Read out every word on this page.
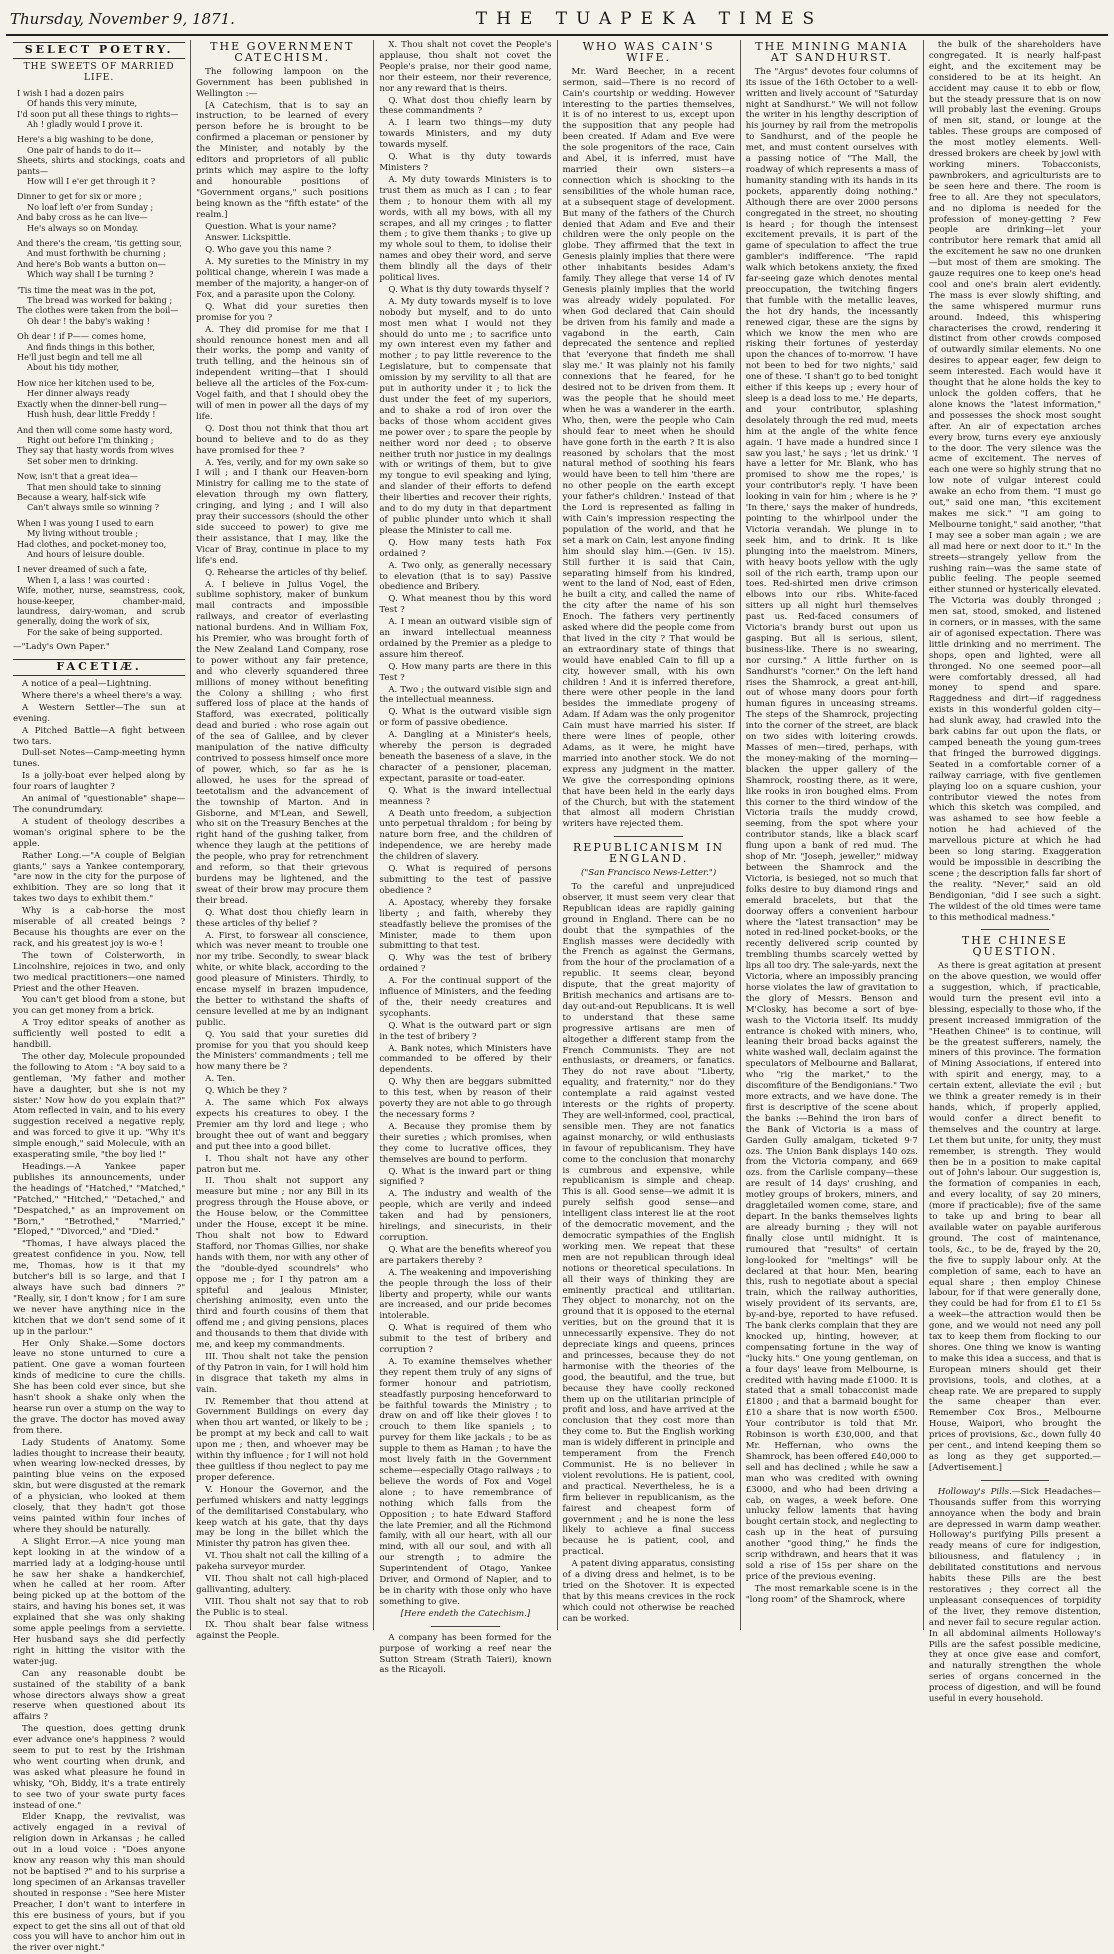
Thursday, November 9, 1871.	THE TUAPEKA TIMES
SELECT POETRY.
THE SWEETS OF MARRIED LIFE.
I wish I had a dozen pairs
Of hands this very minute,
I'd soon put all these things to rights—
Ah ! gladly would I prove it.
Here's a big washing to be done,
One pair of hands to do it—
Sheets, shirts and stockings, coats and pants—
How will I e'er get through it ?
Dinner to get for six or more ;
No loaf left o'er from Sunday ;
And baby cross as he can live—
He's always so on Monday.
And there's the cream, 'tis getting sour,
And must forthwith be churning ;
And here's Bob wants a button on—
Which way shall I be turning ?
'Tis time the meat was in the pot,
The bread was worked for baking ;
The clothes were taken from the boil—
Oh dear ! the baby's waking !
Oh dear ! if P—— comes home,
And finds things in this bother,
He'll just begin and tell me all
About his tidy mother,
How nice her kitchen used to be,
Her dinner always ready
Exactly when the dinner-bell rung—
Hush hush, dear little Freddy !
And then will come some hasty word,
Right out before I'm thinking ;
They say that hasty words from wives
Set sober men to drinking.
Now, isn't that a great idea—
That men should take to sinning
Because a weary, half-sick wife
Can't always smile so winning ?
When I was young I used to earn
My living without trouble ;
Had clothes, and pocket-money too,
And hours of leisure double.
I never dreamed of such a fate,
When I, a lass ! was courted :
Wife, mother, nurse, seamstress, cook, house-keeper, chamber-maid, laundress, dairy-woman, and scrub generally, doing the work of six,
For the sake of being supported.
—"Lady's Own Paper."
FACETIÆ.

A notice of a peal—Lightning.

Where there's a wheel there's a way.

A Western Settler—The sun at evening.

A Pitched Battle—A fight between two tars.

Dull-set Notes—Camp-meeting hymn tunes.

Is a jolly-boat ever helped along by four roars of laughter ?

An animal of "questionable" shape—The conundrumdary.

A student of theology describes a woman's original sphere to be the apple.

Rather Long.—"A couple of Belgian giants," says a Yankee contemporary, "are now in the city for the purpose of exhibition. They are so long that it takes two days to exhibit them."

Why is a cab-horse the most miserable of all created beings ? Because his thoughts are ever on the rack, and his greatest joy is wo-e !

The town of Colsterworth, in Lincolnshire, rejoices in two, and only two medical practitioners—one named Priest and the other Heaven.

You can't get blood from a stone, but you can get money from a brick.

A Troy editor speaks of another as sufficiently well posted to edit a handbill.

The other day, Molecule propounded the following to Atom : "A boy said to a gentleman, 'My father and mother have a daughter, but she is not my sister.' Now how do you explain that?" Atom reflected in vain, and to his every suggestion received a negative reply, and was forced to give it up. "Why it's simple enough," said Molecule, with an exasperating smile, "the boy lied !"

Headings.—A Yankee paper publishes its announcements, under the headings of "Hatched," "Matched," "Patched," "Hitched," "Detached," and "Despatched," as an improvement on "Born," "Betrothed," "Married," "Eloped," "Divorced," and "Died."

"Thomas, I have always placed the greatest confidence in you. Now, tell me, Thomas, how is it that my butcher's bill is so large, and that I always have such bad dinners ?" "Really, sir, I don't know ; for I am sure we never have anything nice in the kitchen that we don't send some of it up in the parlour."

Her Only Shake.—Some doctors leave no stone unturned to cure a patient. One gave a woman fourteen kinds of medicine to cure the chills. She has been cold ever since, but she hasn't shook a shake only when the hearse run over a stump on the way to the grave. The doctor has moved away from there.

Lady Students of Anatomy. Some ladies thought to increase their beauty, when wearing low-necked dresses, by painting blue veins on the exposed skin, but were disgusted at the remark of a physician, who looked at them closely, that they hadn't got those veins painted within four inches of where they should be naturally.

A Slight Error.—A nice young man kept looking in at the window of a married lady at a lodging-house until he saw her shake a handkerchief, when he called at her room. After being picked up at the bottom of the stairs, and having his bones set, it was explained that she was only shaking some apple peelings from a serviette. Her husband says she did perfectly right in hitting the visitor with the water-jug.

Can any reasonable doubt be sustained of the stability of a bank whose directors always show a great reserve when questioned about its affairs ?

The question, does getting drunk ever advance one's happiness ? would seem to put to rest by the Irishman who went courting when drunk, and was asked what pleasure he found in whisky, "Oh, Biddy, it's a trate entirely to see two of your swate purty faces instead of one."

Elder Knapp, the revivalist, was actively engaged in a revival of religion down in Arkansas ; he called out in a loud voice : "Does anyone know any reason why this man should not be baptised ?" and to his surprise a long specimen of an Arkansas traveller shouted in response : "See here Mister Preacher, I don't want to interfere in this ere business of yours, but if you expect to get the sins all out of that old coss you will have to anchor him out in the river over night."

THE GOVERNMENT CATECHISM.

The following lampoon on the Government has been published in Wellington :—

[A Catechism, that is to say an instruction, to be learned of every person before he is brought to be confirmed a placeman or pensioner by the Minister, and notably by the editors and proprietors of all public prints which may aspire to the lofty and honourable positions of "Government organs," such positions being known as the "fifth estate" of the realm.]

Question. What is your name?

Answer. Lickspittle.

Q. Who gave you this name ?

A. My sureties to the Ministry in my political change, wherein I was made a member of the majority, a hanger-on of Fox, and a parasite upon the Colony.

Q. What did your sureties then promise for you ?

A. They did promise for me that I should renounce honest men and all their works, the pomp and vanity of truth telling, and the heinous sin of independent writing—that I should believe all the articles of the Fox-cum-Vogel faith, and that I should obey the will of men in power all the days of my life.

Q. Dost thou not think that thou art bound to believe and to do as they have promised for thee ?

A. Yes, verily, and for my own sake so I will ; and I thank our Heaven-born Ministry for calling me to the state of elevation through my own flattery, cringing, and lying ; and I will also pray their successors (should the other side succeed to power) to give me their assistance, that I may, like the Vicar of Bray, continue in place to my life's end.

Q. Rehearse the articles of thy belief.

A. I believe in Julius Vogel, the sublime sophistory, maker of bunkum mail contracts and impossible railways, and creator of everlasting national burdens. And in William Fox, his Premier, who was brought forth of the New Zealand Land Company, rose to power without any fair pretence, and who cleverly squandered three millions of money without benefiting the Colony a shilling ; who first suffered loss of place at the hands of Stafford, was execrated, politically dead and buried : who rose again out of the sea of Galilee, and by clever manipulation of the native difficulty contrived to possess himself once more of power, which, so far as he is allowed, he uses for the spread of teetotalism and the advancement of the township of Marton. And in Gisborne, and M'Lean, and Sewell, who sit on the Treasury Benches at the right hand of the gushing talker, from whence they laugh at the petitions of the people, who pray for retrenchment and reform, so that their grievous burdens may be lightened, and the sweat of their brow may procure them their bread.

Q. What dost thou chiefly learn in these articles of thy belief ?

A. First, to forswear all conscience, which was never meant to trouble one nor my tribe. Secondly, to swear black white, or white black, according to the good pleasure of Ministers. Thirdly, to encase myself in brazen impudence, the better to withstand the shafts of censure levelled at me by an indignant public.

Q. You said that your sureties did promise for you that you should keep the Ministers' commandments ; tell me how many there be ?

A. Ten.

Q. Which be they ?

A. The same which Fox always expects his creatures to obey. I the Premier am thy lord and liege ; who brought thee out of want and beggary and put thee into a good billet.

I. Thou shalt not have any other patron but me.

II. Thou shalt not support any measure but mine ; nor any Bill in its progress through the House above, or the House below, or the Committee under the House, except it be mine. Thou shalt not bow to Edward Stafford, nor Thomas Gillies, nor shake hands with them, nor with any other of the "double-dyed scoundrels" who oppose me ; for I thy patron am a spiteful and jealous Minister, cherishing animosity, even unto the third and fourth cousins of them that offend me ; and giving pensions, places and thousands to them that divide with me, and keep my commandments.

III. Thou shalt not take the pension of thy Patron in vain, for I will hold him in disgrace that taketh my alms in vain.

IV. Remember that thou attend at Government Buildings on every day when thou art wanted, or likely to be ; be prompt at my beck and call to wait upon me ; then, and whoever may be within thy influence ; for I will not hold thee guiltless if thou neglect to pay me proper deference.

V. Honour the Governor, and the perfumed whiskers and natty leggings of the demilitarised Constabulary, who keep watch at his gate, that thy days may be long in the billet which the Minister thy patron has given thee.

VI. Thou shalt not call the killing of a pakeha surveyor murder.

VII. Thou shalt not call high-placed gallivanting, adultery.

VIII. Thou shalt not say that to rob the Public is to steal.

IX. Thou shalt bear false witness against the People.

X. Thou shalt not covet the People's applause, thou shalt not covet the People's praise, nor their good name, nor their esteem, nor their reverence, nor any reward that is theirs.

Q. What dost thou chiefly learn by these commandments ?

A. I learn two things—my duty towards Ministers, and my duty towards myself.

Q. What is thy duty towards Ministers ?

A. My duty towards Ministers is to trust them as much as I can ; to fear them ; to honour them with all my words, with all my bows, with all my scrapes, and all my cringes ; to flatter them ; to give them thanks ; to give up my whole soul to them, to idolise their names and obey their word, and serve them blindly all the days of their political lives.

Q. What is thy duty towards thyself ?

A. My duty towards myself is to love nobody but myself, and to do unto most men what I would not they should do unto me ; to sacrifice unto my own interest even my father and mother ; to pay little reverence to the Legislature, but to compensate that omission by my servility to all that are put in authority under it ; to lick the dust under the feet of my superiors, and to shake a rod of iron over the backs of those whom accident gives me power over ; to spare the people by neither word nor deed ; to observe neither truth nor justice in my dealings with or writings of them, but to give my tongue to evil speaking and lying, and slander of their efforts to defend their liberties and recover their rights, and to do my duty in that department of public plunder unto which it shall please the Minister to call me.

Q. How many tests hath Fox ordained ?

A. Two only, as generally necessary to elevation (that is to say) Passive obedience and Bribery.

Q. What meanest thou by this word Test ?

A. I mean an outward visible sign of an inward intellectual meanness ordained by the Premier as a pledge to assure him thereof.

Q. How many parts are there in this Test ?

A. Two ; the outward visible sign and the intellectual meanness.

Q. What is the outward visible sign or form of passive obedience.

A. Dangling at a Minister's heels, whereby the person is degraded beneath the baseness of a slave, in the character of a pensioner, placeman, expectant, parasite or toad-eater.

Q. What is the inward intellectual meanness ?

A Death unto freedom, a subjection unto perpetual thraldom ; for being by nature born free, and the children of independence, we are hereby made the children of slavery.

Q. What is required of persons submitting to the test of passive obedience ?

A. Apostacy, whereby they forsake liberty ; and faith, whereby they steadfastly believe the promises of the Minister, made to them upon submitting to that test.

Q. Why was the test of bribery ordained ?

A. For the continual support of the influence of Ministers, and the feeding of the, their needy creatures and sycophants.

Q. What is the outward part or sign in the test of bribery ?

A. Bank notes, which Ministers have commanded to be offered by their dependents.

Q. Why then are beggars submitted to this test, when by reason of their poverty they are not able to go through the necessary forms ?

A. Because they promise them by their sureties ; which promises, when they come to lucrative offices, they themselves are bound to perform.

Q. What is the inward part or thing signified ?

A. The industry and wealth of the people, which are verily and indeed taken and had by pensioners, hirelings, and sinecurists, in their corruption.

Q. What are the benefits whereof you are partakers thereby ?

A. The weakening and impoverishing the people through the loss of their liberty and property, while our wants are increased, and our pride becomes intolerable.

Q. What is required of them who submit to the test of bribery and corruption ?

A. To examine themselves whether they repent them truly of any signs of former honour and patriotism, steadfastly purposing henceforward to be faithful towards the Ministry ; to draw on and off like their gloves ! to crouch to them like spaniels ; to purvey for them like jackals ; to be as supple to them as Haman ; to have the most lively faith in the Government scheme—especially Otago railways ; to believe the words of Fox and Vogel alone ; to have remembrance of nothing which falls from the Opposition ; to hate Edward Stafford the late Premier, and all the Richmond family, with all our heart, with all our mind, with all our soul, and with all our strength ; to admire the Superintendent of Otago, Yankee Driver, and Ormond of Napier, and to be in charity with those only who have something to give.

[Here endeth the Catechism.]

A company has been formed for the purpose of working a reef near the Sutton Stream (Strath Taieri), known as the Ricayoli.

WHO WAS CAIN'S WIFE.

Mr. Ward Beecher, in a recent sermon, said—There is no record of Cain's courtship or wedding. However interesting to the parties themselves, it is of no interest to us, except upon the supposition that any people had been created. If Adam and Eve were the sole progenitors of the race, Cain and Abel, it is inferred, must have married their own sisters—a connection which is shocking to the sensibilities of the whole human race, at a subsequent stage of development. But many of the fathers of the Church denied that Adam and Eve and their children were the only people on the globe. They affirmed that the text in Genesis plainly implies that there were other inhabitants besides Adam's family. They allege that verse 14 of IV Genesis plainly implies that the world was already widely populated. For when God declared that Cain should be driven from his family and made a vagabond in the earth, Cain deprecated the sentence and replied that 'everyone that findeth me shall slay me.' It was plainly not his family connexions that he feared, for he desired not to be driven from them. It was the people that he should meet when he was a wanderer in the earth. Who, then, were the people who Cain should fear to meet when he should have gone forth in the earth ? It is also reasoned by scholars that the most natural method of soothing his fears would have been to tell him 'there are no other people on the earth except your father's children.' Instead of that the Lord is represented as falling in with Cain's impression respecting the population of the world, and that he set a mark on Cain, lest anyone finding him should slay him.—(Gen. iv 15). Still further it is said that Cain, separating himself from his kindred, went to the land of Nod, east of Eden, he built a city, and called the name of the city after the name of his son Enoch. The fathers very pertinently asked where did the people come from that lived in the city ? That would be an extraordinary state of things that would have enabled Cain to fill up a city, however small, with his own children ! And it is inferred therefore, there were other people in the land besides the immediate progeny of Adam. If Adam was the only progenitor Cain must have married his sister. If there were lines of people, other Adams, as it were, he might have married into another stock. We do not express any judgment in the matter. We give the corresponding opinions that have been held in the early days of the Church, but with the statement that almost all modern Christian writers have rejected them.

REPUBLICANISM IN ENGLAND.
("San Francisco News-Letter.")

To the careful and unprejudiced observer, it must seem very clear that Republican ideas are rapidly gaining ground in England. There can be no doubt that the sympathies of the English masses were decidedly with the French as against the Germans, from the hour of the proclamation of a republic. It seems clear, beyond dispute, that the great majority of British mechanics and artisans are to-day out-and-out Republicans. It is well to understand that these same progressive artisans are men of altogether a different stamp from the French Communists. They are not enthusiasts, or dreamers, or fanatics. They do not rave about "Liberty, equality, and fraternity," nor do they contemplate a raid against vested interests or the rights of property. They are well-informed, cool, practical, sensible men. They are not fanatics against monarchy, or wild enthusiasts in favour of republicanism. They have come to the conclusion that monarchy is cumbrous and expensive, while republicanism is simple and cheap. This is all. Good sense—we admit it is purely selfish good sense—and intelligent class interest lie at the root of the democratic movement, and the democratic sympathies of the English working men. We repeat that these men are not republican through ideal notions or theoretical speculations. In all their ways of thinking they are eminently practical and utilitarian. They object to monarchy, not on the ground that it is opposed to the eternal verities, but on the ground that it is unnecessarily expensive. They do not depreciate kings and queens, princes and princesses, because they do not harmonise with the theories of the good, the beautiful, and the true, but because they have coolly reckoned them up on the utilitarian principle of profit and loss, and have arrived at the conclusion that they cost more than they come to. But the English working man is widely different in principle and temperament from the French Communist. He is no believer in violent revolutions. He is patient, cool, and practical. Nevertheless, he is a firm believer in republicanism, as the fairest and cheapest form of government ; and he is none the less likely to achieve a final success because he is patient, cool, and practical.

A patent diving apparatus, consisting of a diving dress and helmet, is to be tried on the Shotover. It is expected that by this means crevices in the rock which could not otherwise be reached can be worked.

THE MINING MANIA AT SANDHURST.

The "Argus" devotes four columns of its issue of the 16th October to a well-written and lively account of "Saturday night at Sandhurst." We will not follow the writer in his lengthy description of his journey by rail from the metropolis to Sandhurst, and of the people he met, and must content ourselves with a passing notice of "The Mall, the roadway of which represents a mass of humanity standing with its hands in its pockets, apparently doing nothing." Although there are over 2000 persons congregated in the street, no shouting is heard ; for though the intensest excitement prevails, it is part of the game of speculation to affect the true gambler's indifference. "The rapid walk which betokens anxiety, the fixed far-seeing gaze which denotes mental preoccupation, the twitching fingers that fumble with the metallic leaves, the hot dry hands, the incessantly renewed cigar, these are the signs by which we know the men who are risking their fortunes of yesterday upon the chances of to-morrow. 'I have not been to bed for two nights,' said one of these. 'I shan't go to bed tonight either if this keeps up ; every hour of sleep is a dead loss to me.' He departs, and your contributor, splashing desolately through the red mud, meets him at the angle of the white fence again. 'I have made a hundred since I saw you last,' he says ; 'let us drink.' 'I have a letter for Mr. Blank, who has promised to show me the ropes,' is your contributor's reply. 'I have been looking in vain for him ; where is he ?' 'In there,' says the maker of hundreds, pointing to the whirlpool under the Victoria verandah. We plunge in to seek him, and to drink. It is like plunging into the maelstrom. Miners, with heavy boots yellow with the ugly soil of the rich earth, tramp upon our toes. Red-shirted men drive crimson elbows into our ribs. White-faced sitters up all night hurl themselves past us. Red-faced consumers of Victoria's brandy burst out upon us gasping. But all is serious, silent, business-like. There is no swearing, nor cursing." A little further on is Sandhurst's "corner." On the left hand rises the Shamrock, a great ant-hill, out of whose many doors pour forth human figures in unceasing streams. The steps of the Shamrock, projecting into the corner of the street, are black on two sides with loitering crowds. Masses of men—tired, perhaps, with the money-making of the morning—blacken the upper gallery of the Shamrock, roosting there, as it were, like rooks in iron boughed elms. From this corner to the third window of the Victoria trails the muddy crowd, seeming, from the spot where your contributor stands, like a black scarf flung upon a bank of red mud. The shop of Mr. "Joseph, jeweller," midway between the Shamrock and the Victoria, is besieged, not so much that folks desire to buy diamond rings and emerald bracelets, but that the doorway offers a convenient harbour where the "latest transaction" may be noted in red-lined pocket-books, or the recently delivered scrip counted by trembling thumbs scarcely wetted by lips all too dry. The sale-yards, next the Victoria, where an impossibly prancing horse violates the law of gravitation to the glory of Messrs. Benson and M'Closky, has become a sort of bye-wash to the Victoria itself. Its muddy entrance is choked with miners, who, leaning their broad backs against the white washed wall, declaim against the speculators of Melbourne and Ballarat, who "rig the market," to the discomfiture of the Bendigonians." Two more extracts, and we have done. The first is descriptive of the scene about the banks :—Behind the iron bars of the Bank of Victoria is a mass of Garden Gully amalgam, ticketed 9·7 ozs. The Union Bank displays 140 ozs. from the Victoria company, and 669 ozs. from the Carlisle company—these are result of 14 days' crushing, and motley groups of brokers, miners, and draggletailed women come, stare, and depart. In the banks themselves lights are already burning ; they will not finally close until midnight. It is rumoured that "results" of certain long-looked for "meltings" will be declared at that hour. Men, bearing this, rush to negotiate about a special train, which the railway authorities, wisely provident of its servants, are, by-and-bye, reported to have refused. The bank clerks complain that they are knocked up, hinting, however, at compensating fortune in the way of "lucky hits." One young gentleman, on a four days' leave from Melbourne, is credited with having made £1000. It is stated that a small tobacconist made £1800 ; and that a barmaid bought for £10 a share that is now worth £500. Your contributor is told that Mr. Robinson is worth £30,000, and that Mr. Heffernan, who owns the Shamrock, has been offered £40,000 to sell and has declined ; while he saw a man who was credited with owning £3000, and who had been driving a cab, on wages, a week before. One unlucky fellow laments that having bought certain stock, and neglecting to cash up in the heat of pursuing another "good thing," he finds the scrip withdrawn, and hears that it was sold a rise of 15s per share on the price of the previous evening.

The most remarkable scene is in the "long room" of the Shamrock, where

the bulk of the shareholders have congregated. It is nearly half-past eight, and the excitement may be considered to be at its height. An accident may cause it to ebb or flow, but the steady pressure that is on now will probably last the evening. Groups of men sit, stand, or lounge at the tables. These groups are composed of the most motley elements. Well-dressed brokers are cheek by jowl with working miners. Tobacconists, pawnbrokers, and agriculturists are to be seen here and there. The room is free to all. Are they not speculators, and no diploma is needed for the profession of money-getting ? Few people are drinking—let your contributor here remark that amid all the excitement he saw no one drunken—but most of them are smoking. The gauze requires one to keep one's head cool and one's brain alert evidently. The mass is ever slowly shifting, and the same whispered murmur runs around. Indeed, this whispering characterises the crowd, rendering it distinct from other crowds composed of outwardly similar elements. No one desires to appear eager, few deign to seem interested. Each would have it thought that he alone holds the key to unlock the golden coffers, that he alone knows the "latest information," and possesses the shock most sought after. An air of expectation arches every brow, turns every eye anxiously to the door. The very silence was the acme of excitement. The nerves of each one were so highly strung that no low note of vulgar interest could awake an echo from them. "I must go out," said one man, "this excitement makes me sick." "I am going to Melbourne tonight," said another, "that I may see a sober man again ; we are all mad here or next door to it." In the streets—strangely yellow from the rushing rain—was the same state of public feeling. The people seemed either stunned or hysterically elevated. The Victoria was doubly thronged ; men sat, stood, smoked, and listened in corners, or in masses, with the same air of agonised expectation. There was little drinking and no merriment. The shops, open and lighted, were all thronged. No one seemed poor—all were comfortably dressed, all had money to spend and spare. Raggedness and dirt—if raggedness exists in this wonderful golden city—had slunk away, had crawled into the bark cabins far out upon the flats, or camped beneath the young gum-trees that fringed the burrowed diggings. Seated in a comfortable corner of a railway carriage, with five gentlemen playing loo on a square cushion, your contributor viewed the notes from which this sketch was compiled, and was ashamed to see how feeble a notion he had achieved of the marvellous picture at which he had been so long staring. Exaggeration would be impossible in describing the scene ; the description falls far short of the reality. "Never," said an old Bendigonian, "did I see such a sight. The wildest of the old times were tame to this methodical madness."

THE CHINESE QUESTION.

As there is great agitation at present on the above question, we would offer a suggestion, which, if practicable, would turn the present evil into a blessing, especially to those who, if the present increased immigration of the "Heathen Chinee" is to continue, will be the greatest sufferers, namely, the miners of this province. The formation of Mining Associations, if entered into with spirit and energy, may, to a certain extent, alleviate the evil ; but we think a greater remedy is in their hands, which, if properly applied, would confer a direct benefit to themselves and the country at large. Let them but unite, for unity, they must remember, is strength. They would then be in a position to make capital out of John's labour. Our suggestion is, the formation of companies in each, and every locality, of say 20 miners, (more if practicable); five of the same to take up and bring to bear all available water on payable auriferous ground. The cost of maintenance, tools, &c., to be de, frayed by the 20, the five to supply labour only. At the completion of same, each to have an equal share ; then employ Chinese labour, for if that were generally done, they could be had for from £1 to £1 5s a week—the attraction would then be gone, and we would not need any poll tax to keep them from flocking to our shores. One thing we know is wanting to make this idea a success, and that is European miners should get their provisions, tools, and clothes, at a cheap rate. We are prepared to supply the same cheaper than ever. Remember Cox Bros., Melbourne House, Waipori, who brought the prices of provisions, &c., down fully 40 per cent., and intend keeping them so as long as they get supported.—[Advertisement.]

Holloway's Pills.—Sick Headaches—Thousands suffer from this worrying annoyance when the body and brain are depressed in warm damp weather. Holloway's purifying Pills present a ready means of cure for indigestion, biliousness, and flatulency ; in debilitated constitutions and nervous habits these Pills are the best restoratives ; they correct all the unpleasant consequences of torpidity of the liver, they remove distention, and never fail to secure regular action. In all abdominal ailments Holloway's Pills are the safest possible medicine, they at once give ease and comfort, and naturally strengthen the whole series of organs concerned in the process of digestion, and will be found useful in every household.
